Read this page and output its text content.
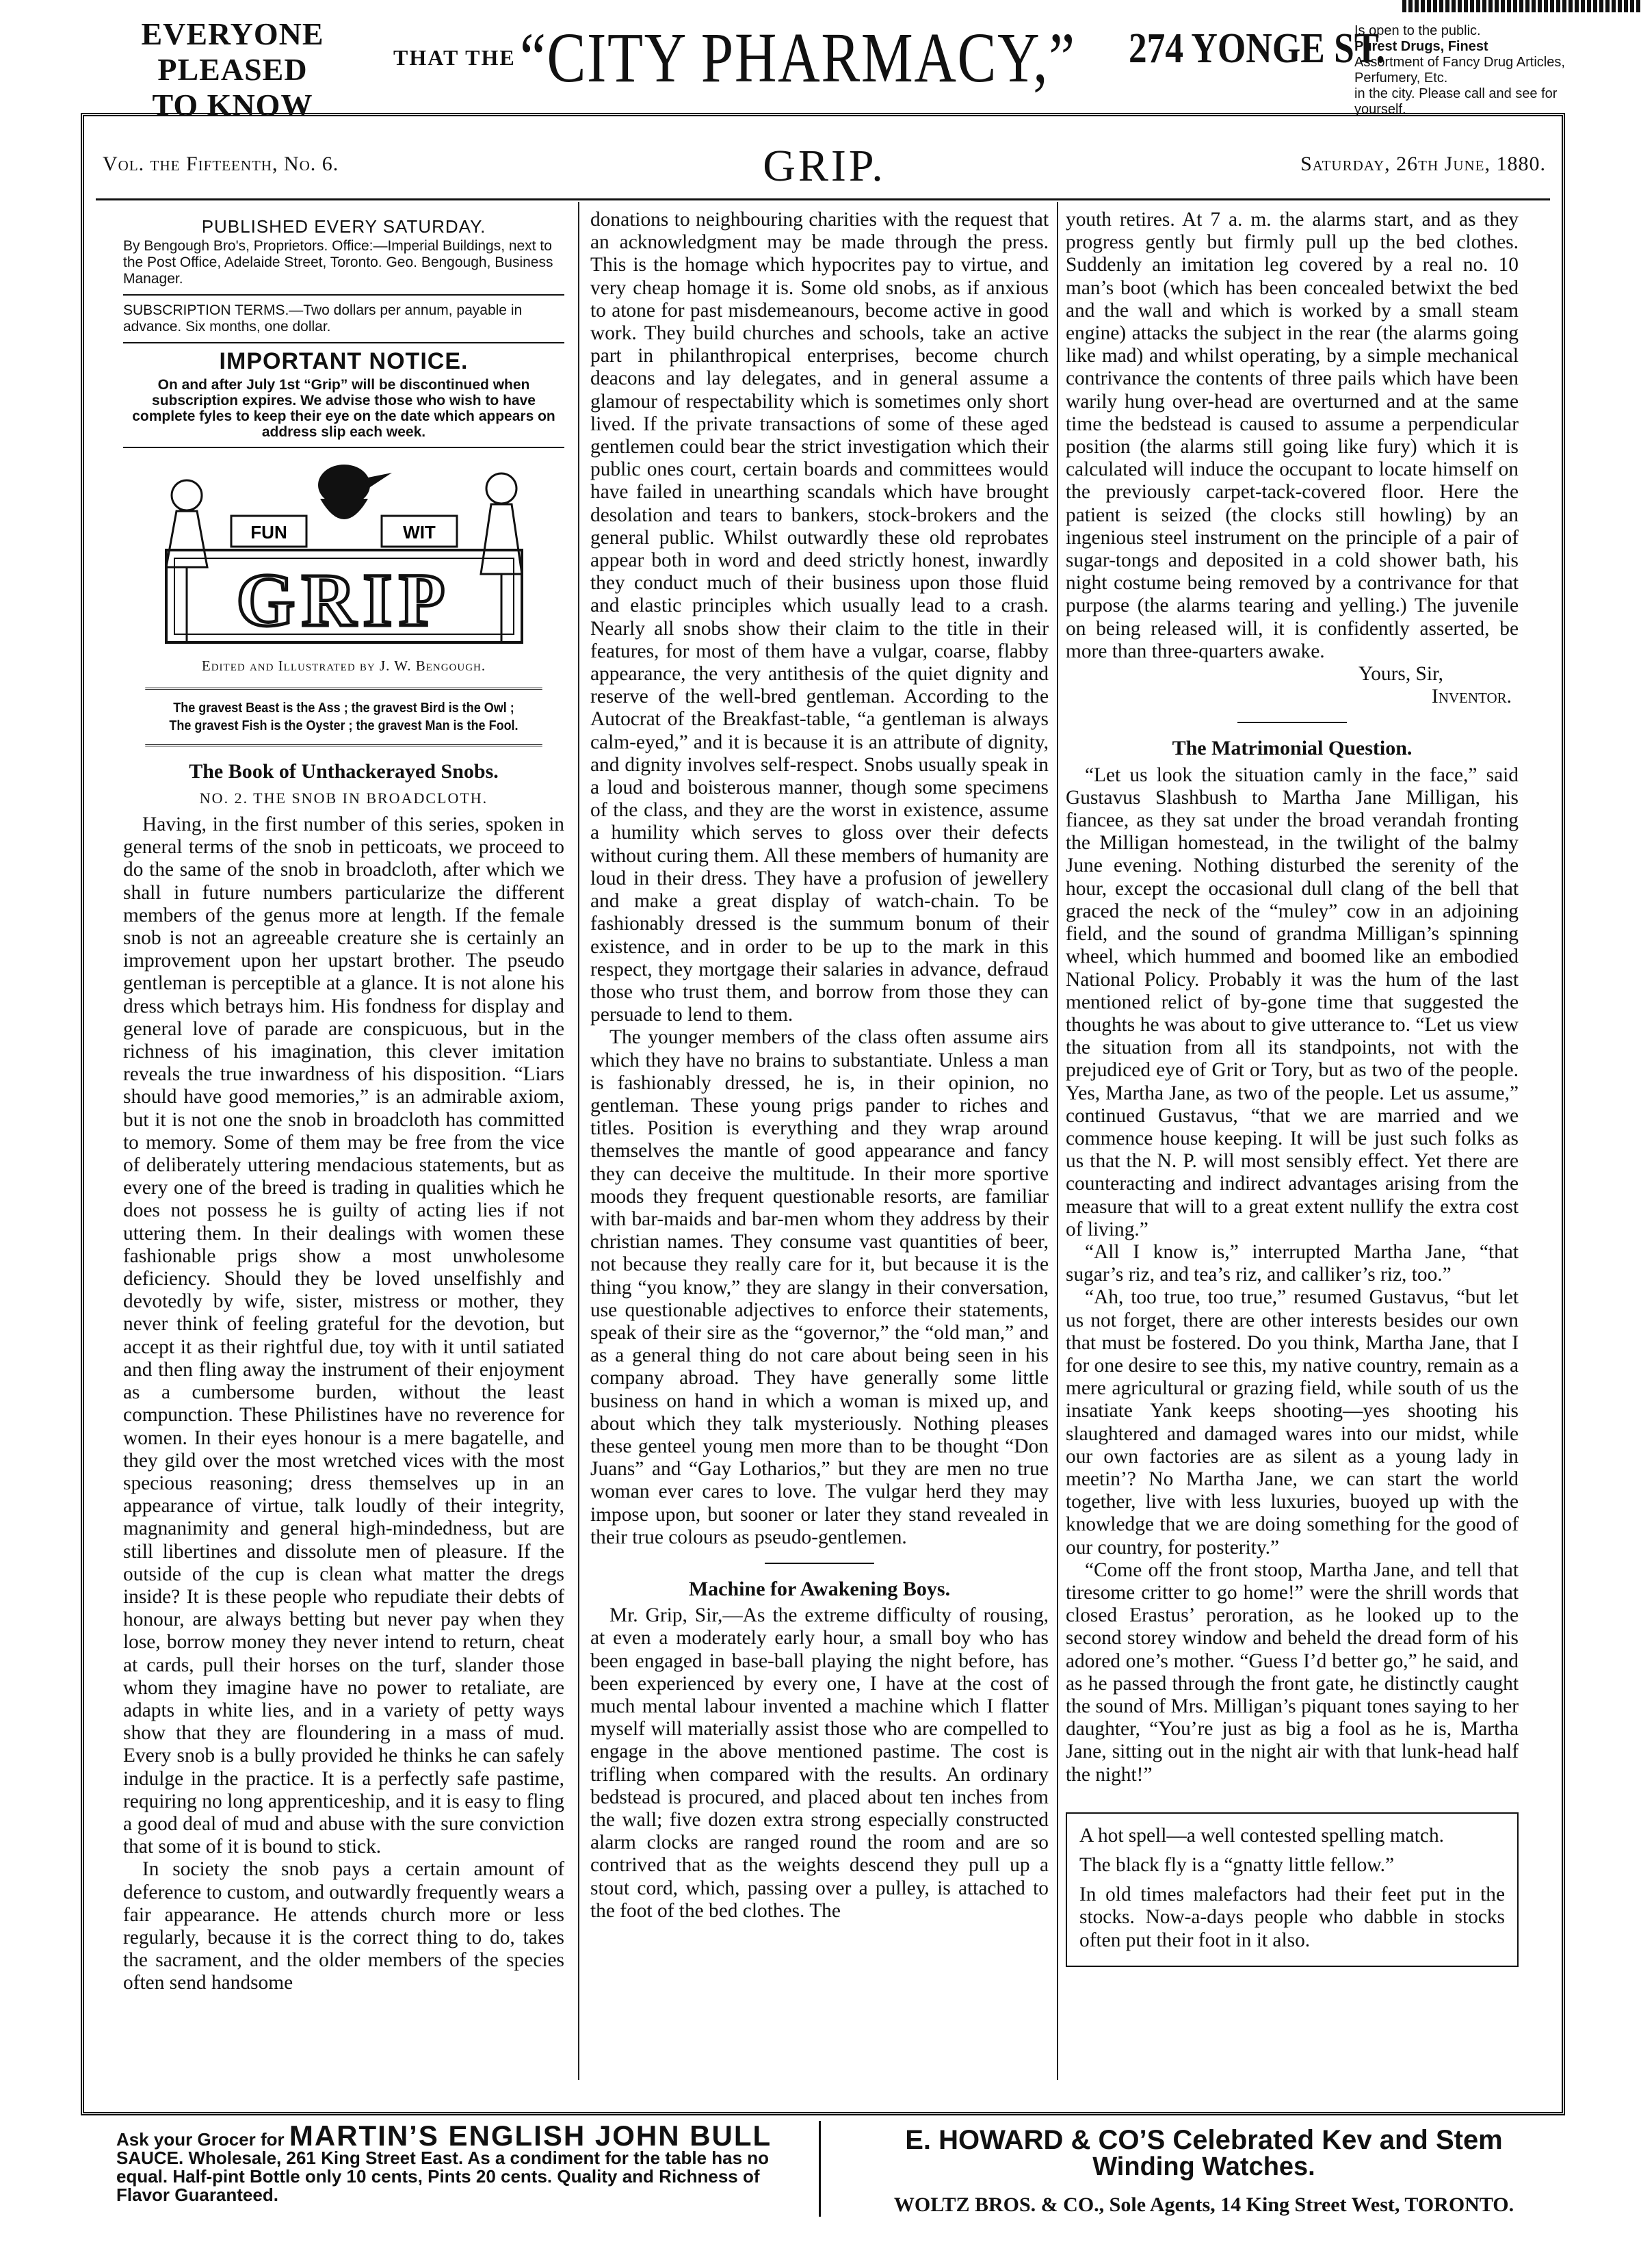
EVERYONE PLEASED
TO KNOW
THAT THE “CITY PHARMACY,” 274 YONGE ST.
Is open to the public.
Purest Drugs, Finest
Assortment of Fancy Drug Articles, Perfumery, Etc.
in the city. Please call and see for yourself.
Vol. the Fifteenth, No. 6.	GRIP.	Saturday, 26th June, 1880.
PUBLISHED EVERY SATURDAY.

By Bengough Bro's, Proprietors. Office:—Imperial Buildings, next to the Post Office, Adelaide Street, Toronto. Geo. Bengough, Business Manager.

SUBSCRIPTION TERMS.—Two dollars per annum, payable in advance. Six months, one dollar.
IMPORTANT NOTICE.
On and after July 1st “Grip” will be discontinued when subscription expires. We advise those who wish to have complete fyles to keep their eye on the date which appears on address slip each week.
FUN	WIT
GRIP
Edited and Illustrated by J. W. Bengough.
The gravest Beast is the Ass ; the gravest Bird is the Owl ;
The gravest Fish is the Oyster ; the gravest Man is the Fool.
The Book of Unthackerayed Snobs.
NO. 2. THE SNOB IN BROADCLOTH.

Having, in the first number of this series, spoken in general terms of the snob in petticoats, we proceed to do the same of the snob in broadcloth, after which we shall in future numbers particularize the different members of the genus more at length. If the female snob is not an agreeable creature she is certainly an improvement upon her upstart brother. The pseudo gentleman is perceptible at a glance. It is not alone his dress which betrays him. His fondness for display and general love of parade are conspicuous, but in the richness of his imagination, this clever imitation reveals the true inwardness of his disposition. “Liars should have good memories,” is an admirable axiom, but it is not one the snob in broadcloth has committed to memory. Some of them may be free from the vice of deliberately uttering mendacious statements, but as every one of the breed is trading in qualities which he does not possess he is guilty of acting lies if not uttering them. In their dealings with women these fashionable prigs show a most unwholesome deficiency. Should they be loved unselfishly and devotedly by wife, sister, mistress or mother, they never think of feeling grateful for the devotion, but accept it as their rightful due, toy with it until satiated and then fling away the instrument of their enjoyment as a cumbersome burden, without the least compunction. These Philistines have no reverence for women. In their eyes honour is a mere bagatelle, and they gild over the most wretched vices with the most specious reasoning; dress themselves up in an appearance of virtue, talk loudly of their integrity, magnanimity and general high-mindedness, but are still libertines and dissolute men of pleasure. If the outside of the cup is clean what matter the dregs inside? It is these people who repudiate their debts of honour, are always betting but never pay when they lose, borrow money they never intend to return, cheat at cards, pull their horses on the turf, slander those whom they imagine have no power to retaliate, are adapts in white lies, and in a variety of petty ways show that they are floundering in a mass of mud. Every snob is a bully provided he thinks he can safely indulge in the practice. It is a perfectly safe pastime, requiring no long apprenticeship, and it is easy to fling a good deal of mud and abuse with the sure conviction that some of it is bound to stick.

In society the snob pays a certain amount of deference to custom, and outwardly frequently wears a fair appearance. He attends church more or less regularly, because it is the correct thing to do, takes the sacrament, and the older members of the species often send handsome

donations to neighbouring charities with the request that an acknowledgment may be made through the press. This is the homage which hypocrites pay to virtue, and very cheap homage it is. Some old snobs, as if anxious to atone for past misdemeanours, become active in good work. They build churches and schools, take an active part in philanthropical enterprises, become church deacons and lay delegates, and in general assume a glamour of respectability which is sometimes only short lived. If the private transactions of some of these aged gentlemen could bear the strict investigation which their public ones court, certain boards and committees would have failed in unearthing scandals which have brought desolation and tears to bankers, stock-brokers and the general public. Whilst outwardly these old reprobates appear both in word and deed strictly honest, inwardly they conduct much of their business upon those fluid and elastic principles which usually lead to a crash. Nearly all snobs show their claim to the title in their features, for most of them have a vulgar, coarse, flabby appearance, the very antithesis of the quiet dignity and reserve of the well-bred gentleman. According to the Autocrat of the Breakfast-table, “a gentleman is always calm-eyed,” and it is because it is an attribute of dignity, and dignity involves self-respect. Snobs usually speak in a loud and boisterous manner, though some specimens of the class, and they are the worst in existence, assume a humility which serves to gloss over their defects without curing them. All these members of humanity are loud in their dress. They have a profusion of jewellery and make a great display of watch-chain. To be fashionably dressed is the summum bonum of their existence, and in order to be up to the mark in this respect, they mortgage their salaries in advance, defraud those who trust them, and borrow from those they can persuade to lend to them.

The younger members of the class often assume airs which they have no brains to substantiate. Unless a man is fashionably dressed, he is, in their opinion, no gentleman. These young prigs pander to riches and titles. Position is everything and they wrap around themselves the mantle of good appearance and fancy they can deceive the multitude. In their more sportive moods they frequent questionable resorts, are familiar with bar-maids and bar-men whom they address by their christian names. They consume vast quantities of beer, not because they really care for it, but because it is the thing “you know,” they are slangy in their conversation, use questionable adjectives to enforce their statements, speak of their sire as the “governor,” the “old man,” and as a general thing do not care about being seen in his company abroad. They have generally some little business on hand in which a woman is mixed up, and about which they talk mysteriously. Nothing pleases these genteel young men more than to be thought “Don Juans” and “Gay Lotharios,” but they are men no true woman ever cares to love. The vulgar herd they may impose upon, but sooner or later they stand revealed in their true colours as pseudo-gentlemen.

Machine for Awakening Boys.

Mr. Grip, Sir,—As the extreme difficulty of rousing, at even a moderately early hour, a small boy who has been engaged in base-ball playing the night before, has been experienced by every one, I have at the cost of much mental labour invented a machine which I flatter myself will materially assist those who are compelled to engage in the above mentioned pastime. The cost is trifling when compared with the results. An ordinary bedstead is procured, and placed about ten inches from the wall; five dozen extra strong especially constructed alarm clocks are ranged round the room and are so contrived that as the weights descend they pull up a stout cord, which, passing over a pulley, is attached to the foot of the bed clothes. The

youth retires. At 7 a. m. the alarms start, and as they progress gently but firmly pull up the bed clothes. Suddenly an imitation leg covered by a real no. 10 man’s boot (which has been concealed betwixt the bed and the wall and which is worked by a small steam engine) attacks the subject in the rear (the alarms going like mad) and whilst operating, by a simple mechanical contrivance the contents of three pails which have been warily hung over-head are overturned and at the same time the bedstead is caused to assume a perpendicular position (the alarms still going like fury) which it is calculated will induce the occupant to locate himself on the previously carpet-tack-covered floor. Here the patient is seized (the clocks still howling) by an ingenious steel instrument on the principle of a pair of sugar-tongs and deposited in a cold shower bath, his night costume being removed by a contrivance for that purpose (the alarms tearing and yelling.) The juvenile on being released will, it is confidently asserted, be more than three-quarters awake.

Yours, Sir,
Inventor.
The Matrimonial Question.

“Let us look the situation camly in the face,” said Gustavus Slashbush to Martha Jane Milligan, his fiancee, as they sat under the broad verandah fronting the Milligan homestead, in the twilight of the balmy June evening. Nothing disturbed the serenity of the hour, except the occasional dull clang of the bell that graced the neck of the “muley” cow in an adjoining field, and the sound of grandma Milligan’s spinning wheel, which hummed and boomed like an embodied National Policy. Probably it was the hum of the last mentioned relict of by-gone time that suggested the thoughts he was about to give utterance to. “Let us view the situation from all its standpoints, not with the prejudiced eye of Grit or Tory, but as two of the people. Yes, Martha Jane, as two of the people. Let us assume,” continued Gustavus, “that we are married and we commence house keeping. It will be just such folks as us that the N. P. will most sensibly effect. Yet there are counteracting and indirect advantages arising from the measure that will to a great extent nullify the extra cost of living.”

“All I know is,” interrupted Martha Jane, “that sugar’s riz, and tea’s riz, and calliker’s riz, too.”

“Ah, too true, too true,” resumed Gustavus, “but let us not forget, there are other interests besides our own that must be fostered. Do you think, Martha Jane, that I for one desire to see this, my native country, remain as a mere agricultural or grazing field, while south of us the insatiate Yank keeps shooting—yes shooting his slaughtered and damaged wares into our midst, while our own factories are as silent as a young lady in meetin’? No Martha Jane, we can start the world together, live with less luxuries, buoyed up with the knowledge that we are doing something for the good of our country, for posterity.”

“Come off the front stoop, Martha Jane, and tell that tiresome critter to go home!” were the shrill words that closed Erastus’ peroration, as he looked up to the second storey window and beheld the dread form of his adored one’s mother. “Guess I’d better go,” he said, and as he passed through the front gate, he distinctly caught the sound of Mrs. Milligan’s piquant tones saying to her daughter, “You’re just as big a fool as he is, Martha Jane, sitting out in the night air with that lunk-head half the night!”

A hot spell—a well contested spelling match.

The black fly is a “gnatty little fellow.”

In old times malefactors had their feet put in the stocks. Now-a-days people who dabble in stocks often put their foot in it also.

Ask your Grocer for MARTIN’S ENGLISH JOHN BULL
SAUCE. Wholesale, 261 King Street East. As a condiment for the table has no equal. Half-pint Bottle only 10 cents, Pints 20 cents. Quality and Richness of Flavor Guaranteed.
E. HOWARD & CO’S Celebrated Kev and Stem
Winding Watches.
WOLTZ BROS. & CO., Sole Agents, 14 King Street West, TORONTO.
